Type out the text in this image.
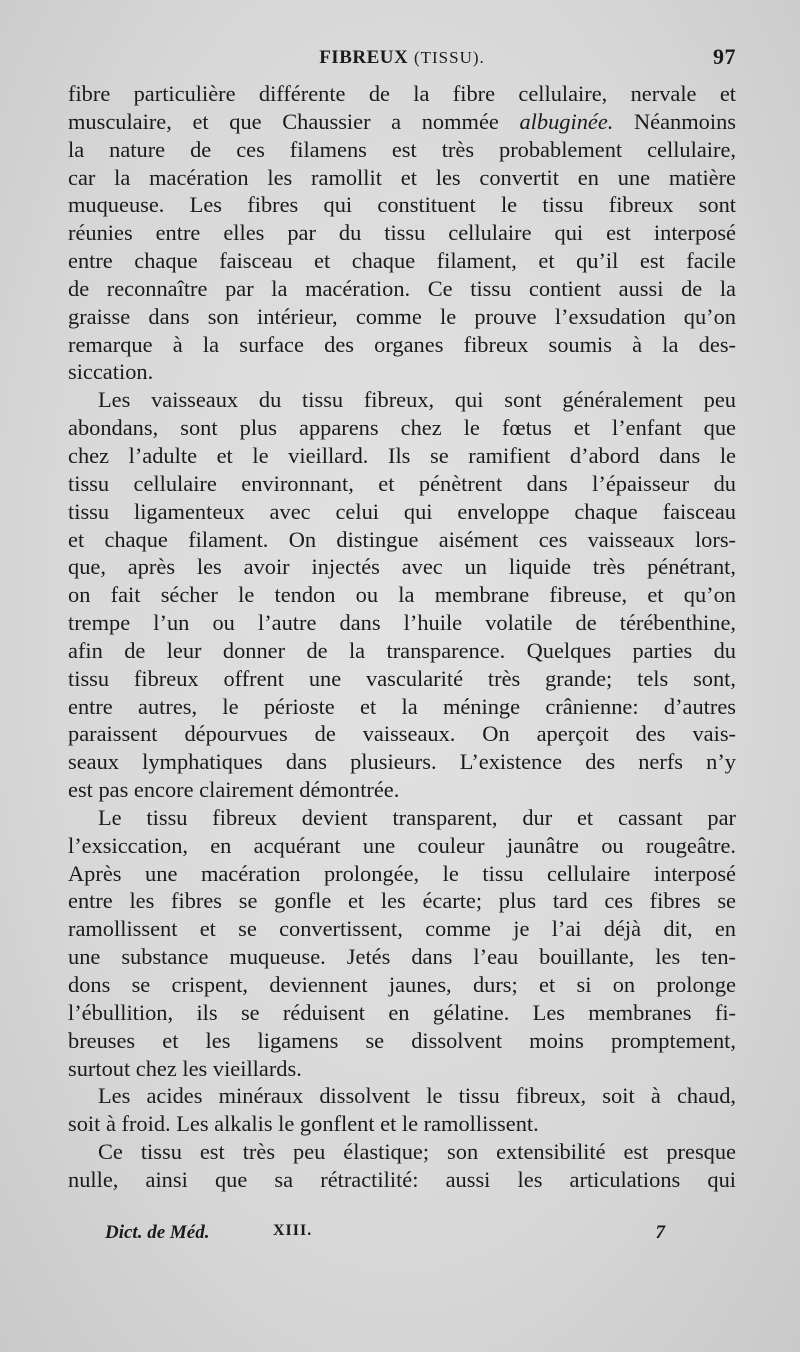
FIBREUX (TISSU).	97
fibre particulière différente de la fibre cellulaire, nervale et
musculaire, et que Chaussier a nommée albuginée. Néanmoins
la nature de ces filamens est très probablement cellulaire,
car la macération les ramollit et les convertit en une matière
muqueuse. Les fibres qui constituent le tissu fibreux sont
réunies entre elles par du tissu cellulaire qui est interposé
entre chaque faisceau et chaque filament, et qu’il est facile
de reconnaître par la macération. Ce tissu contient aussi de la
graisse dans son intérieur, comme le prouve l’exsudation qu’on
remarque à la surface des organes fibreux soumis à la des-
siccation.
Les vaisseaux du tissu fibreux, qui sont généralement peu
abondans, sont plus apparens chez le fœtus et l’enfant que
chez l’adulte et le vieillard. Ils se ramifient d’abord dans le
tissu cellulaire environnant, et pénètrent dans l’épaisseur du
tissu ligamenteux avec celui qui enveloppe chaque faisceau
et chaque filament. On distingue aisément ces vaisseaux lors-
que, après les avoir injectés avec un liquide très pénétrant,
on fait sécher le tendon ou la membrane fibreuse, et qu’on
trempe l’un ou l’autre dans l’huile volatile de térébenthine,
afin de leur donner de la transparence. Quelques parties du
tissu fibreux offrent une vascularité très grande; tels sont,
entre autres, le périoste et la méninge crânienne: d’autres
paraissent dépourvues de vaisseaux. On aperçoit des vais-
seaux lymphatiques dans plusieurs. L’existence des nerfs n’y
est pas encore clairement démontrée.
Le tissu fibreux devient transparent, dur et cassant par
l’exsiccation, en acquérant une couleur jaunâtre ou rougeâtre.
Après une macération prolongée, le tissu cellulaire interposé
entre les fibres se gonfle et les écarte; plus tard ces fibres se
ramollissent et se convertissent, comme je l’ai déjà dit, en
une substance muqueuse. Jetés dans l’eau bouillante, les ten-
dons se crispent, deviennent jaunes, durs; et si on prolonge
l’ébullition, ils se réduisent en gélatine. Les membranes fi-
breuses et les ligamens se dissolvent moins promptement,
surtout chez les vieillards.
Les acides minéraux dissolvent le tissu fibreux, soit à chaud,
soit à froid. Les alkalis le gonflent et le ramollissent.
Ce tissu est très peu élastique; son extensibilité est presque
nulle, ainsi que sa rétractilité: aussi les articulations qui
Dict. de Méd.	XIII.	7
